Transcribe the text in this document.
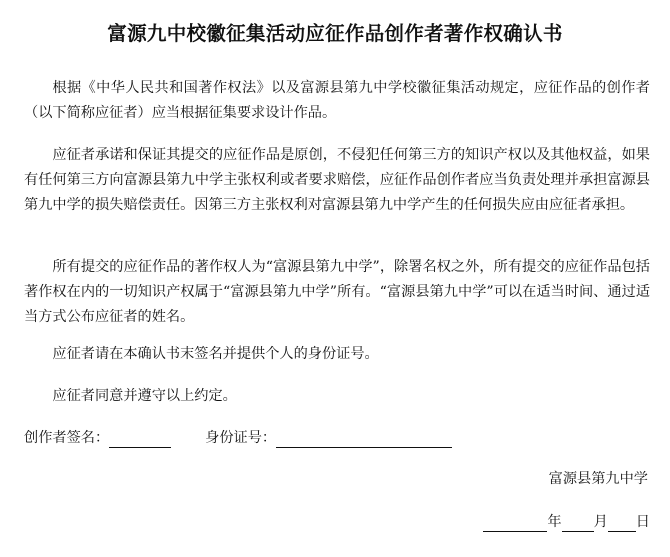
富源九中校徽征集活动应征作品创作者著作权确认书

根据《中华人民共和国著作权法》以及富源县第九中学校徽征集活动规定，应征作品的创作者（以下简称应征者）应当根据征集要求设计作品。

应征者承诺和保证其提交的应征作品是原创，不侵犯任何第三方的知识产权以及其他权益，如果有任何第三方向富源县第九中学主张权利或者要求赔偿，应征作品创作者应当负责处理并承担富源县第九中学的损失赔偿责任。因第三方主张权利对富源县第九中学产生的任何损失应由应征者承担。

所有提交的应征作品的著作权人为“富源县第九中学”，除署名权之外，所有提交的应征作品包括著作权在内的一切知识产权属于“富源县第九中学”所有。“富源县第九中学”可以在适当时间、通过适当方式公布应征者的姓名。

应征者请在本确认书末签名并提供个人的身份证号。

应征者同意并遵守以上约定。

创作者签名：	身份证号：
富源县第九中学
年 月 日
